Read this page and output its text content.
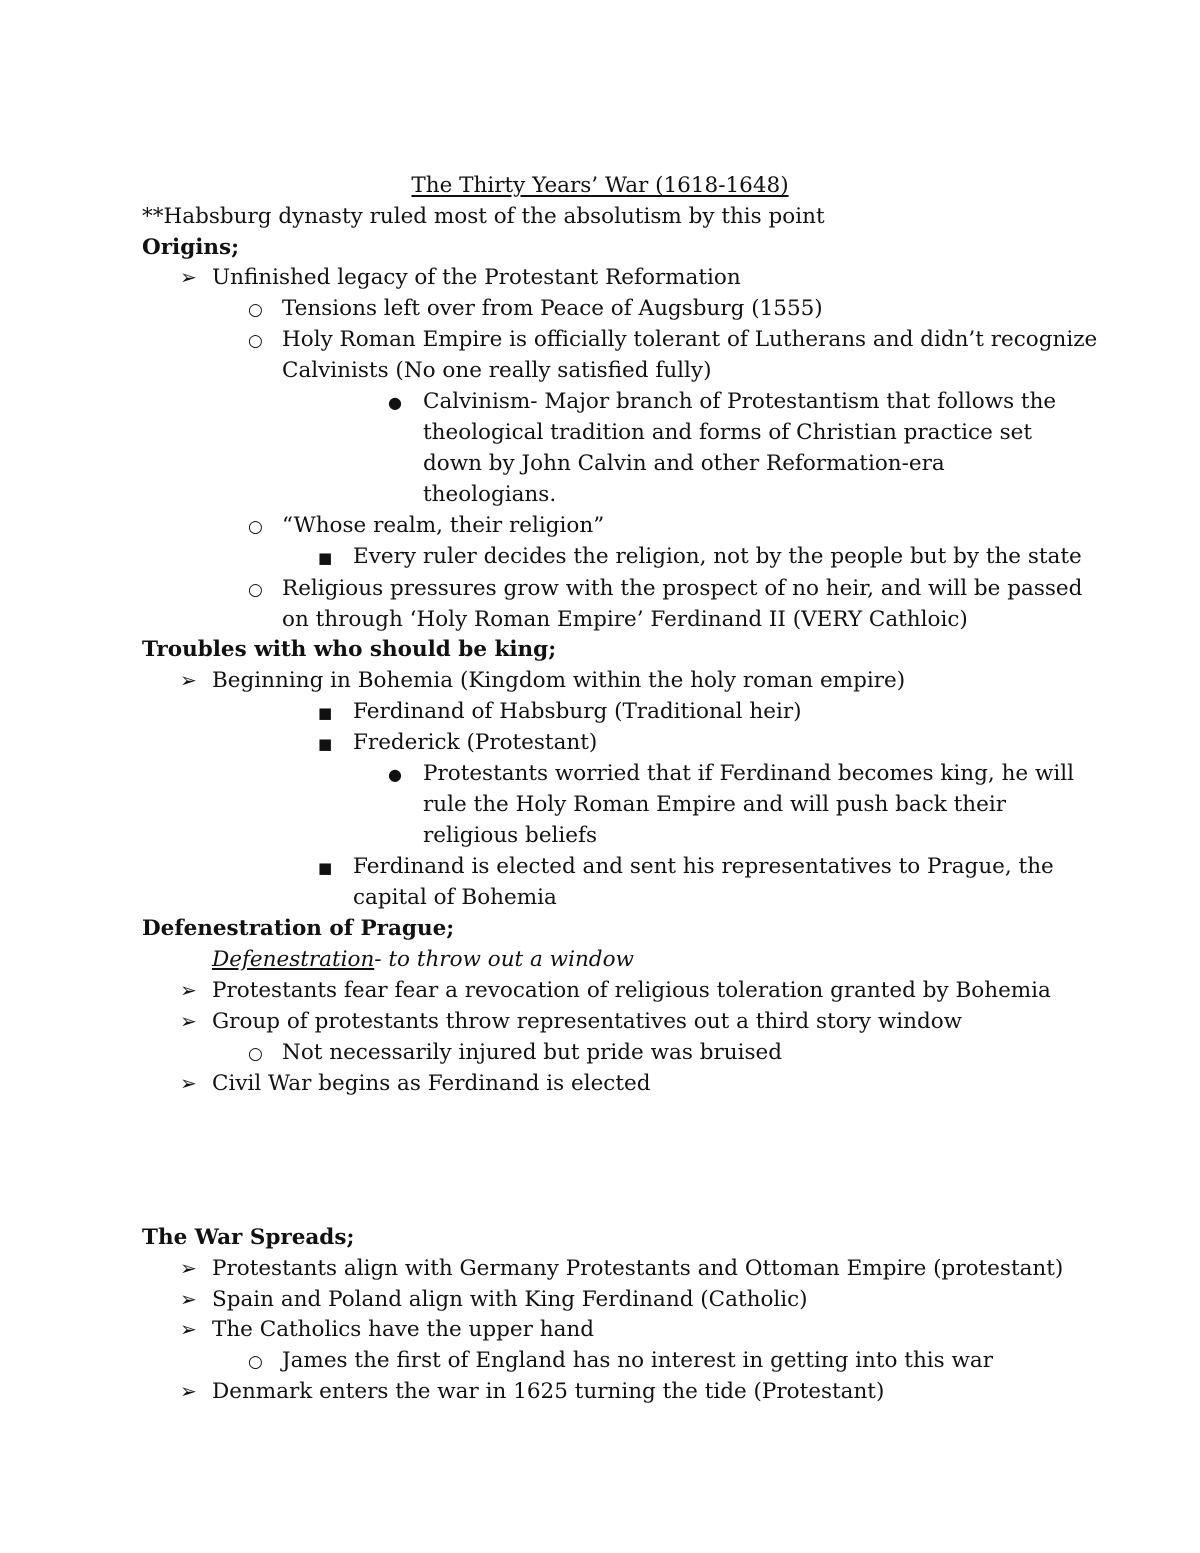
The Thirty Years’ War (1618-1648)
**Habsburg dynasty ruled most of the absolutism by this point
Origins;
➢ Unfinished legacy of the Protestant Reformation
○ Tensions left over from Peace of Augsburg (1555)
○ Holy Roman Empire is officially tolerant of Lutherans and didn’t recognize
Calvinists (No one really satisfied fully)
● Calvinism- Major branch of Protestantism that follows the
theological tradition and forms of Christian practice set
down by John Calvin and other Reformation-era
theologians.
○ “Whose realm, their religion”
■ Every ruler decides the religion, not by the people but by the state
○ Religious pressures grow with the prospect of no heir, and will be passed
on through ‘Holy Roman Empire’ Ferdinand II (VERY Cathloic)
Troubles with who should be king;
➢ Beginning in Bohemia (Kingdom within the holy roman empire)
■ Ferdinand of Habsburg (Traditional heir)
■ Frederick (Protestant)
● Protestants worried that if Ferdinand becomes king, he will
rule the Holy Roman Empire and will push back their
religious beliefs
■ Ferdinand is elected and sent his representatives to Prague, the
capital of Bohemia
Defenestration of Prague;
Defenestration- to throw out a window
➢ Protestants fear fear a revocation of religious toleration granted by Bohemia
➢ Group of protestants throw representatives out a third story window
○ Not necessarily injured but pride was bruised
➢ Civil War begins as Ferdinand is elected
The War Spreads;
➢ Protestants align with Germany Protestants and Ottoman Empire (protestant)
➢ Spain and Poland align with King Ferdinand (Catholic)
➢ The Catholics have the upper hand
○ James the first of England has no interest in getting into this war
➢ Denmark enters the war in 1625 turning the tide (Protestant)
